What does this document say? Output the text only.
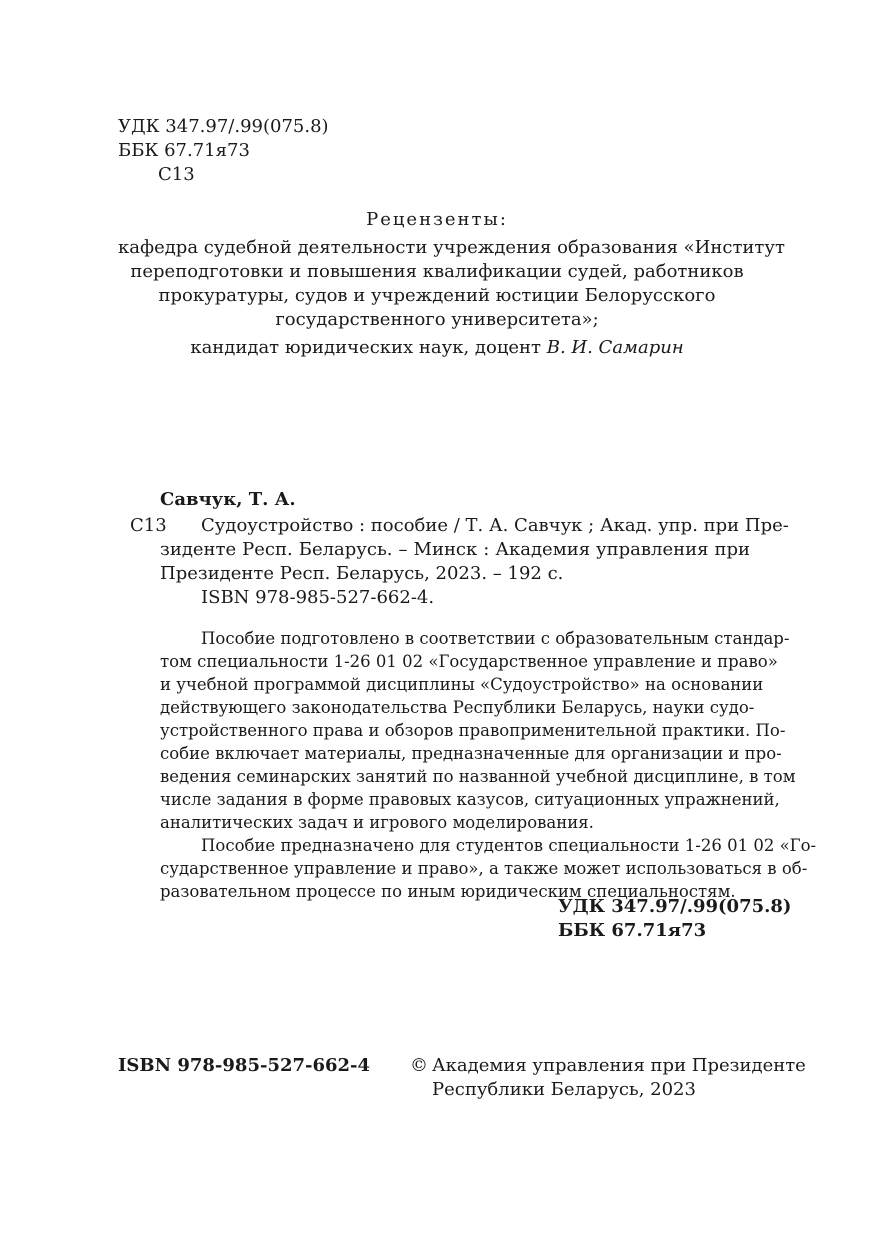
УДК 347.97/.99(075.8)
ББК 67.71я73
С13
Рецензенты:
кафедра судебной деятельности учреждения образования «Институт
переподготовки и повышения квалификации судей, работников
прокуратуры, судов и учреждений юстиции Белорусского
государственного университета»;
кандидат юридических наук, доцент В. И. Самарин
Савчук, Т. А.
С13 Судоустройство : пособие / Т. А. Савчук ; Акад. упр. при Пре-
зиденте Респ. Беларусь. – Минск : Академия управления при
Президенте Респ. Беларусь, 2023. – 192 с.
ISBN 978-985-527-662-4.
Пособие подготовлено в соответствии с образовательным стандар-
том специальности 1-26 01 02 «Государственное управление и право»
и учебной программой дисциплины «Судоустройство» на основании
действующего законодательства Республики Беларусь, науки судо-
устройственного права и обзоров правоприменительной практики. По-
собие включает материалы, предназначенные для организации и про-
ведения семинарских занятий по названной учебной дисциплине, в том
числе задания в форме правовых казусов, ситуационных упражнений,
аналитических задач и игрового моделирования.
Пособие предназначено для студентов специальности 1-26 01 02 «Го-
сударственное управление и право», а также может использоваться в об-
разовательном процессе по иным юридическим специальностям.
УДК 347.97/.99(075.8)
ББК 67.71я73
ISBN 978-985-527-662-4 © Академия управления при Президенте
Республики Беларусь, 2023
